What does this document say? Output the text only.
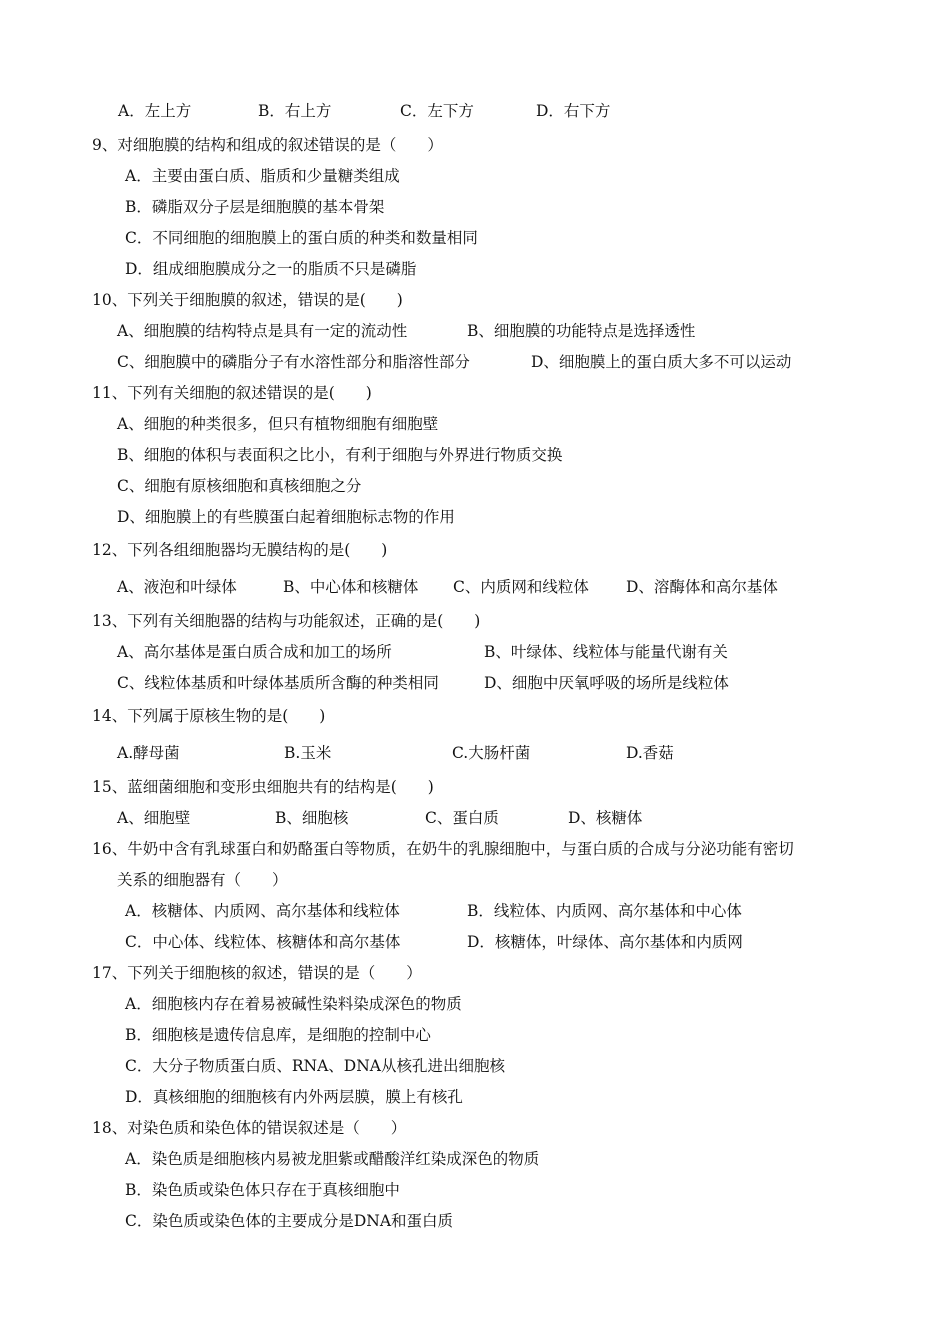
A．左上方	B．右上方	C．左下方	D．右下方
9、对细胞膜的结构和组成的叙述错误的是（　　）
A．主要由蛋白质、脂质和少量糖类组成
B．磷脂双分子层是细胞膜的基本骨架
C．不同细胞的细胞膜上的蛋白质的种类和数量相同
D．组成细胞膜成分之一的脂质不只是磷脂
10、下列关于细胞膜的叙述，错误的是(　　)
A、细胞膜的结构特点是具有一定的流动性	B、细胞膜的功能特点是选择透性
C、细胞膜中的磷脂分子有水溶性部分和脂溶性部分	D、细胞膜上的蛋白质大多不可以运动
11、下列有关细胞的叙述错误的是(　　)
A、细胞的种类很多，但只有植物细胞有细胞壁
B、细胞的体积与表面积之比小，有利于细胞与外界进行物质交换
C、细胞有原核细胞和真核细胞之分
D、细胞膜上的有些膜蛋白起着细胞标志物的作用
12、下列各组细胞器均无膜结构的是(　　)
A、液泡和叶绿体	B、中心体和核糖体 C、内质网和线粒体 D、溶酶体和高尔基体
13、下列有关细胞器的结构与功能叙述，正确的是(　　)
A、高尔基体是蛋白质合成和加工的场所	B、叶绿体、线粒体与能量代谢有关
C、线粒体基质和叶绿体基质所含酶的种类相同	D、细胞中厌氧呼吸的场所是线粒体
14、下列属于原核生物的是(　　)
A.酵母菌	B.玉米	C.大肠杆菌	D.香菇
15、蓝细菌细胞和变形虫细胞共有的结构是(　　)
A、细胞壁	B、细胞核	C、蛋白质	D、核糖体
16、牛奶中含有乳球蛋白和奶酪蛋白等物质，在奶牛的乳腺细胞中，与蛋白质的合成与分泌功能有密切
关系的细胞器有（　　）
A．核糖体、内质网、高尔基体和线粒体	B．线粒体、内质网、高尔基体和中心体
C．中心体、线粒体、核糖体和高尔基体	D．核糖体，叶绿体、高尔基体和内质网
17、下列关于细胞核的叙述，错误的是（　　）
A．细胞核内存在着易被碱性染料染成深色的物质
B．细胞核是遗传信息库，是细胞的控制中心
C．大分子物质蛋白质、RNA、DNA从核孔进出细胞核
D．真核细胞的细胞核有内外两层膜，膜上有核孔
18、对染色质和染色体的错误叙述是（　　）
A．染色质是细胞核内易被龙胆紫或醋酸洋红染成深色的物质
B．染色质或染色体只存在于真核细胞中
C．染色质或染色体的主要成分是DNA和蛋白质
